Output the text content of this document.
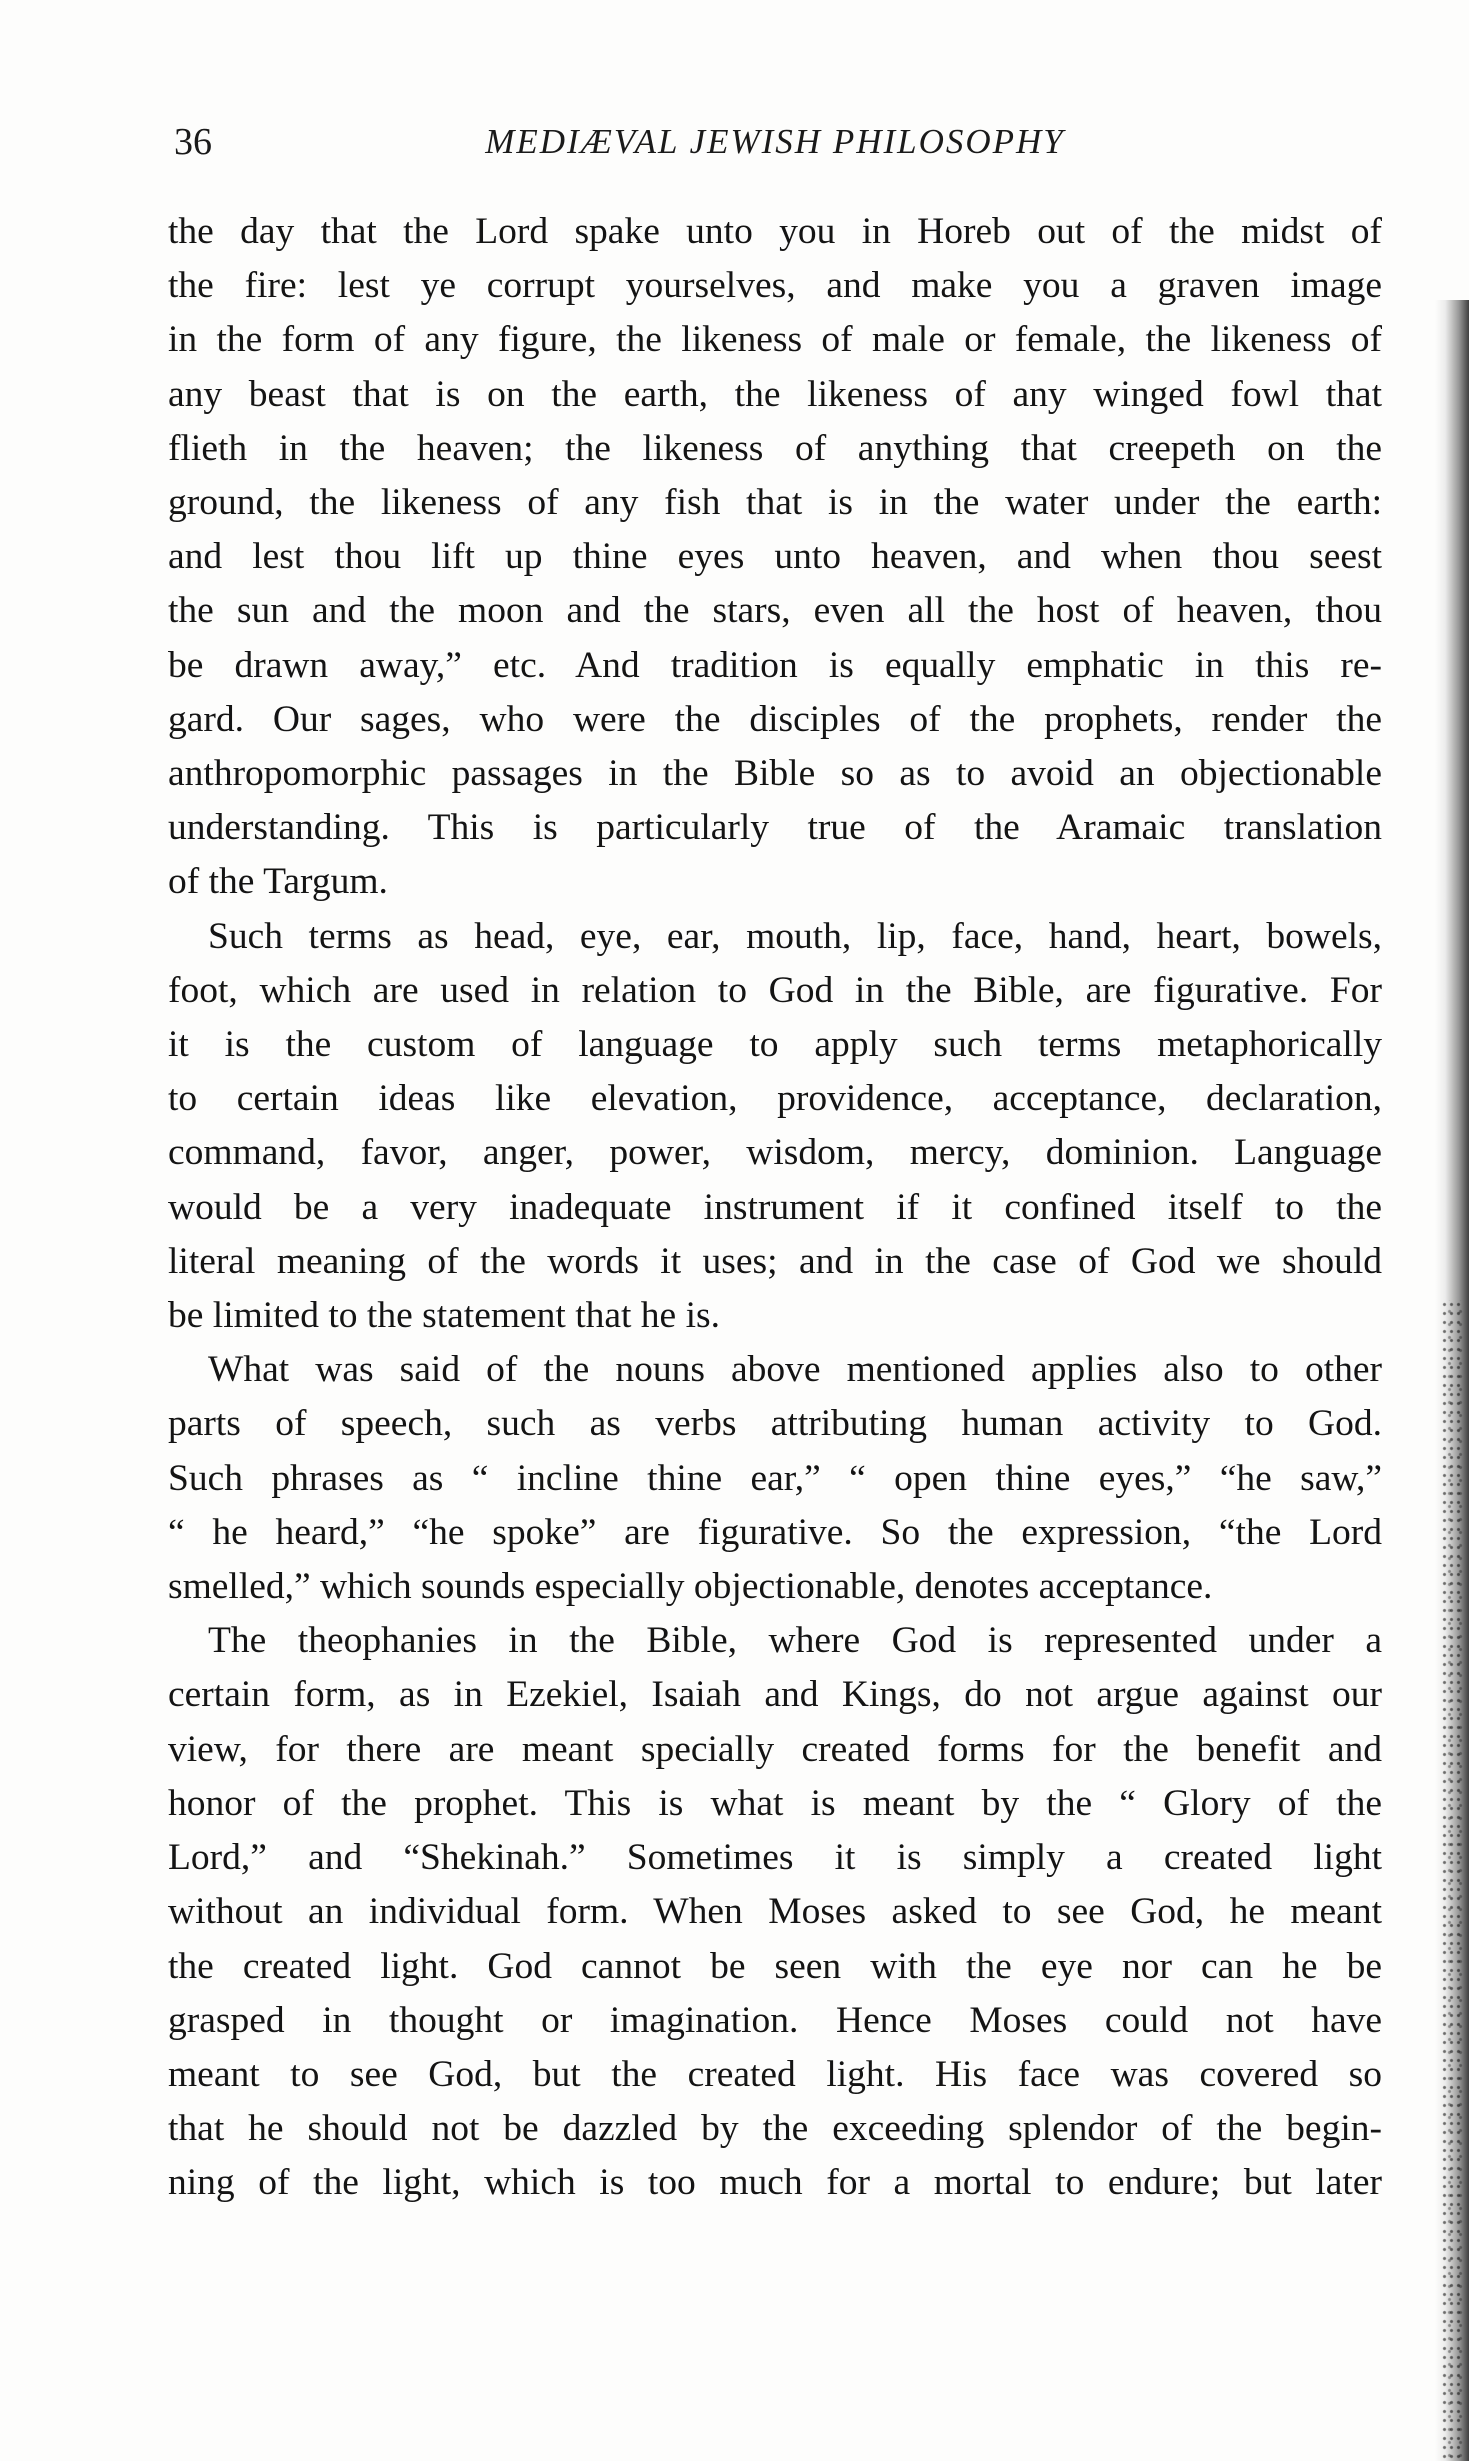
36	MEDIÆVAL JEWISH PHILOSOPHY

the day that the Lord spake unto you in Horeb out of the midst of
the fire: lest ye corrupt yourselves, and make you a graven image
in the form of any figure, the likeness of male or female, the likeness of
any beast that is on the earth, the likeness of any winged fowl that
flieth in the heaven; the likeness of anything that creepeth on the
ground, the likeness of any fish that is in the water under the earth:
and lest thou lift up thine eyes unto heaven, and when thou seest
the sun and the moon and the stars, even all the host of heaven, thou
be drawn away,” etc. And tradition is equally emphatic in this re-
gard. Our sages, who were the disciples of the prophets, render the
anthropomorphic passages in the Bible so as to avoid an objectionable
understanding. This is particularly true of the Aramaic translation
of the Targum.

Such terms as head, eye, ear, mouth, lip, face, hand, heart, bowels,
foot, which are used in relation to God in the Bible, are figurative. For
it is the custom of language to apply such terms metaphorically
to certain ideas like elevation, providence, acceptance, declaration,
command, favor, anger, power, wisdom, mercy, dominion. Language
would be a very inadequate instrument if it confined itself to the
literal meaning of the words it uses; and in the case of God we should
be limited to the statement that he is.

What was said of the nouns above mentioned applies also to other
parts of speech, such as verbs attributing human activity to God.
Such phrases as “ incline thine ear,” “ open thine eyes,” “he saw,”
“ he heard,” “he spoke” are figurative. So the expression, “the Lord
smelled,” which sounds especially objectionable, denotes acceptance.

The theophanies in the Bible, where God is represented under a
certain form, as in Ezekiel, Isaiah and Kings, do not argue against our
view, for there are meant specially created forms for the benefit and
honor of the prophet. This is what is meant by the “ Glory of the
Lord,” and “Shekinah.” Sometimes it is simply a created light
without an individual form. When Moses asked to see God, he meant
the created light. God cannot be seen with the eye nor can he be
grasped in thought or imagination. Hence Moses could not have
meant to see God, but the created light. His face was covered so
that he should not be dazzled by the exceeding splendor of the begin-
ning of the light, which is too much for a mortal to endure; but later
